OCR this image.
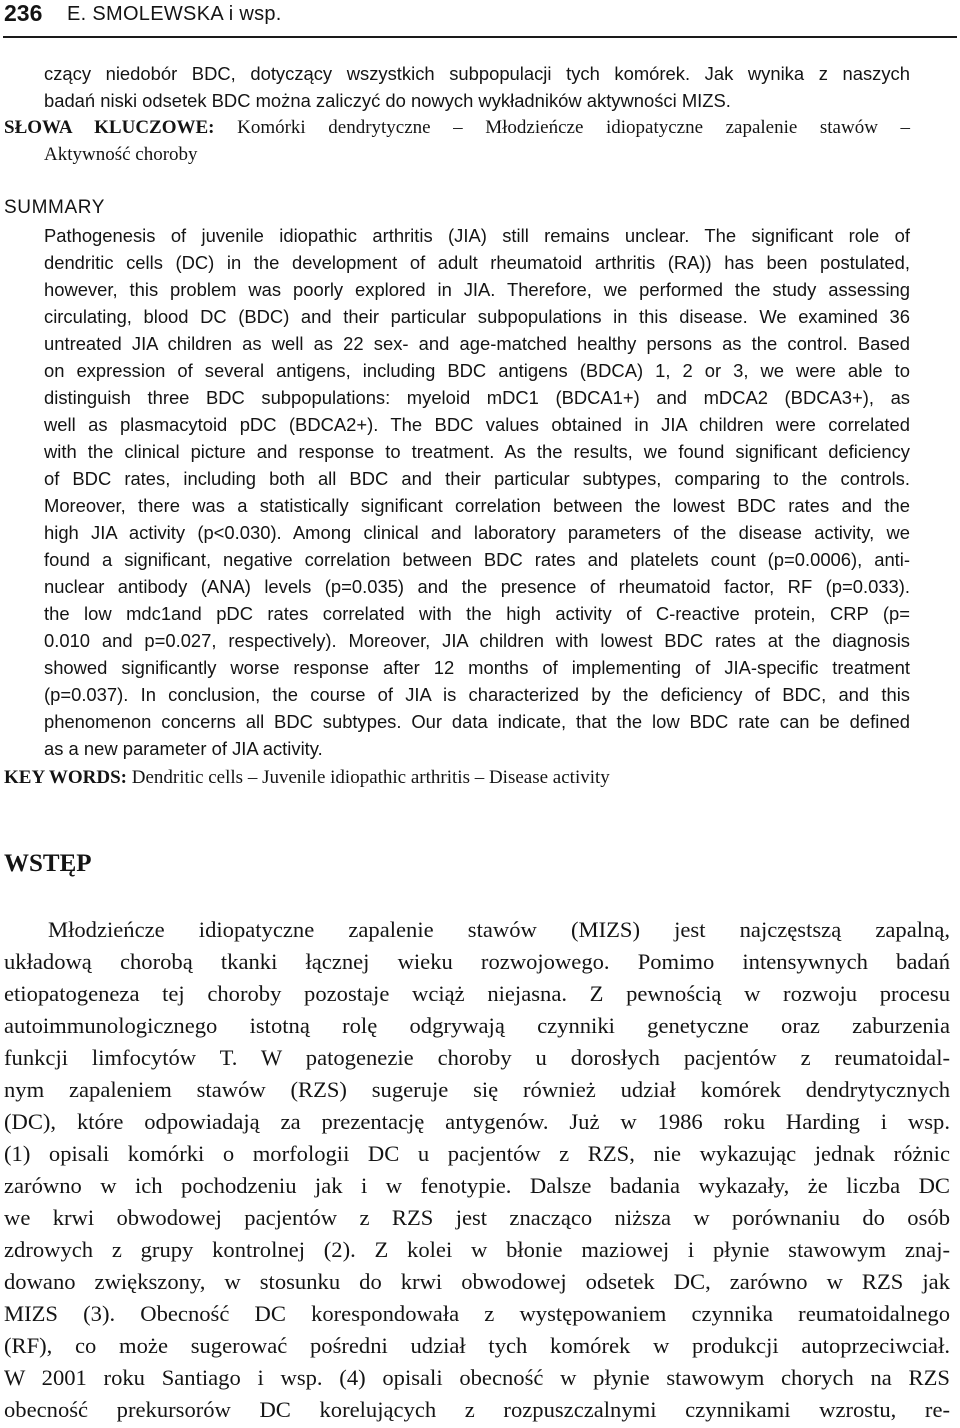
236 E. SMOLEWSKA i wsp.
czący niedobór BDC, dotyczący wszystkich subpopulacji tych komórek. Jak wynika z naszych
badań niski odsetek BDC można zaliczyć do nowych wykładników aktywności MIZS.
SŁOWA KLUCZOWE: Komórki dendrytyczne – Młodzieńcze idiopatyczne zapalenie stawów –
Aktywność choroby
SUMMARY
Pathogenesis of juvenile idiopathic arthritis (JIA) still remains unclear. The significant role of
dendritic cells (DC) in the development of adult rheumatoid arthritis (RA)) has been postulated,
however, this problem was poorly explored in JIA. Therefore, we performed the study assessing
circulating, blood DC (BDC) and their particular subpopulations in this disease. We examined 36
untreated JIA children as well as 22 sex- and age-matched healthy persons as the control. Based
on expression of several antigens, including BDC antigens (BDCA) 1, 2 or 3, we were able to
distinguish three BDC subpopulations: myeloid mDC1 (BDCA1+) and mDCA2 (BDCA3+), as
well as plasmacytoid pDC (BDCA2+). The BDC values obtained in JIA children were correlated
with the clinical picture and response to treatment. As the results, we found significant deficiency
of BDC rates, including both all BDC and their particular subtypes, comparing to the controls.
Moreover, there was a statistically significant correlation between the lowest BDC rates and the
high JIA activity (p<0.030). Among clinical and laboratory parameters of the disease activity, we
found a significant, negative correlation between BDC rates and platelets count (p=0.0006), anti-
nuclear antibody (ANA) levels (p=0.035) and the presence of rheumatoid factor, RF (p=0.033).
the low mdc1and pDC rates correlated with the high activity of C-reactive protein, CRP (p=
0.010 and p=0.027, respectively). Moreover, JIA children with lowest BDC rates at the diagnosis
showed significantly worse response after 12 months of implementing of JIA-specific treatment
(p=0.037). In conclusion, the course of JIA is characterized by the deficiency of BDC, and this
phenomenon concerns all BDC subtypes. Our data indicate, that the low BDC rate can be defined
as a new parameter of JIA activity.
KEY WORDS: Dendritic cells – Juvenile idiopathic arthritis – Disease activity
WSTĘP
Młodzieńcze idiopatyczne zapalenie stawów (MIZS) jest najczęstszą zapalną,
układową chorobą tkanki łącznej wieku rozwojowego. Pomimo intensywnych badań
etiopatogeneza tej choroby pozostaje wciąż niejasna. Z pewnością w rozwoju procesu
autoimmunologicznego istotną rolę odgrywają czynniki genetyczne oraz zaburzenia
funkcji limfocytów T. W patogenezie choroby u dorosłych pacjentów z reumatoidal-
nym zapaleniem stawów (RZS) sugeruje się również udział komórek dendrytycznych
(DC), które odpowiadają za prezentację antygenów. Już w 1986 roku Harding i wsp.
(1) opisali komórki o morfologii DC u pacjentów z RZS, nie wykazując jednak różnic
zarówno w ich pochodzeniu jak i w fenotypie. Dalsze badania wykazały, że liczba DC
we krwi obwodowej pacjentów z RZS jest znacząco niższa w porównaniu do osób
zdrowych z grupy kontrolnej (2). Z kolei w błonie maziowej i płynie stawowym znaj-
dowano zwiększony, w stosunku do krwi obwodowej odsetek DC, zarówno w RZS jak
MIZS (3). Obecność DC korespondowała z występowaniem czynnika reumatoidalnego
(RF), co może sugerować pośredni udział tych komórek w produkcji autoprzeciwciał.
W 2001 roku Santiago i wsp. (4) opisali obecność w płynie stawowym chorych na RZS
obecność prekursorów DC korelujących z rozpuszczalnymi czynnikami wzrostu, re-
